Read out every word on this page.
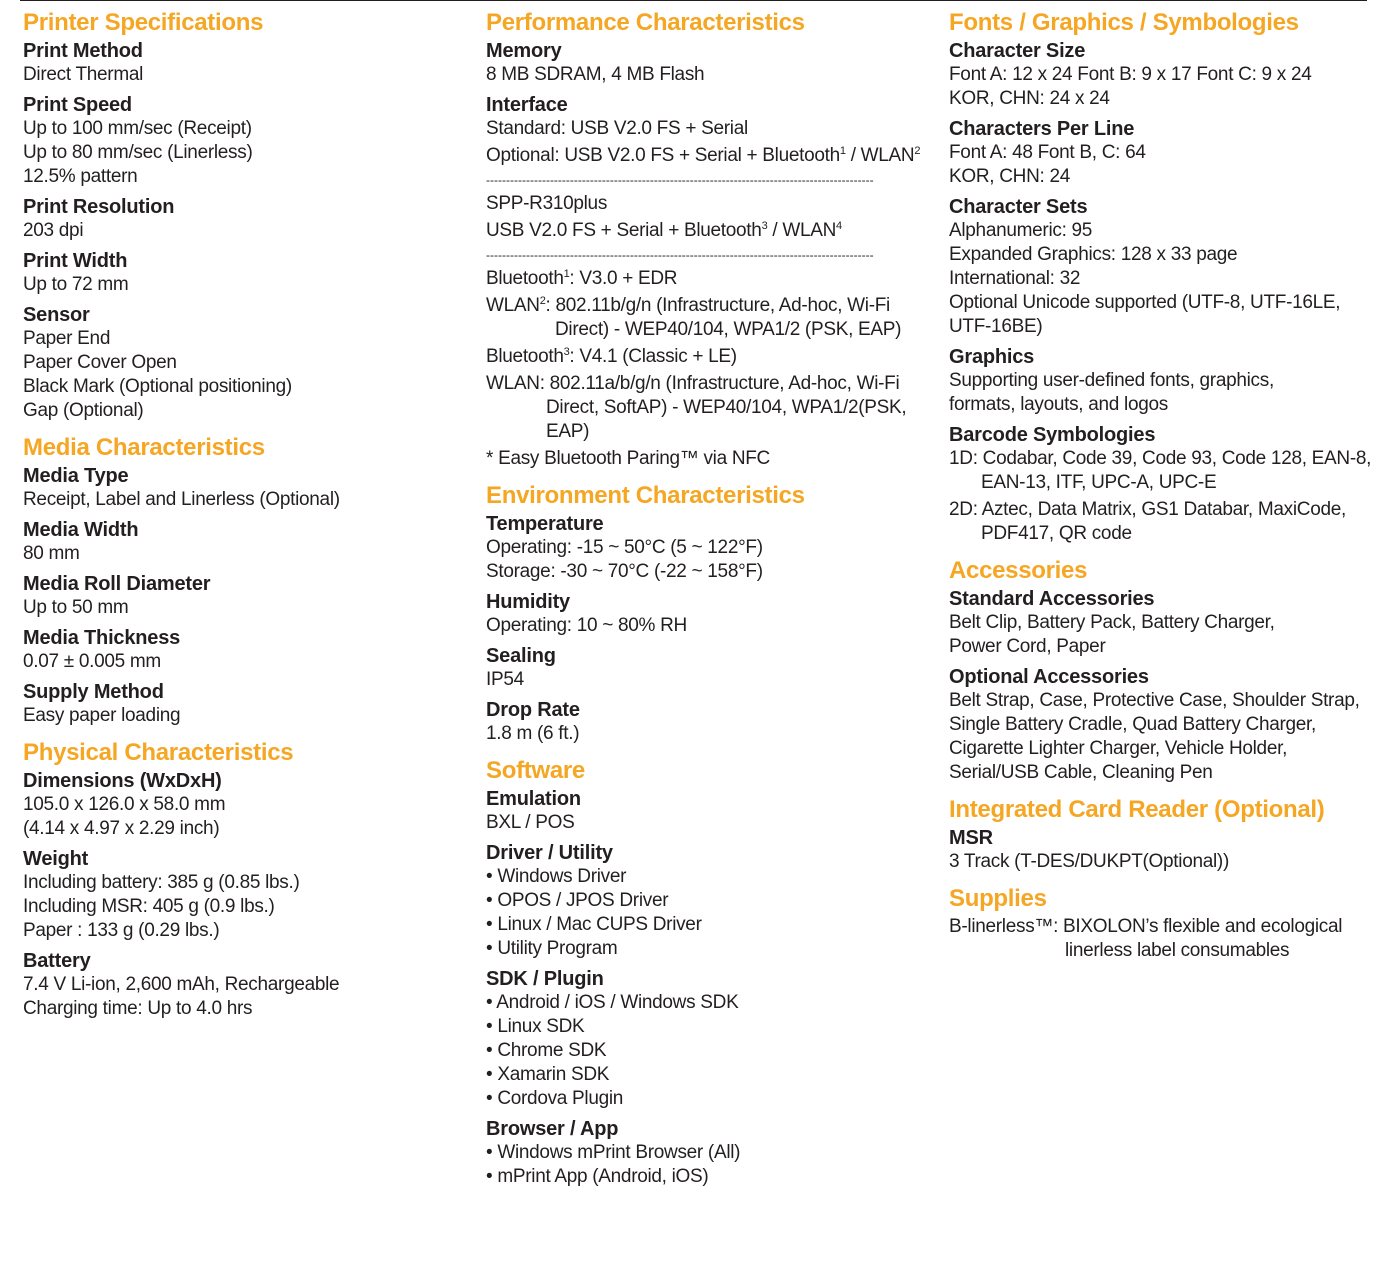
Printer Specifications
Print Method
Direct Thermal
Print Speed
Up to 100 mm/sec (Receipt)
Up to 80 mm/sec (Linerless)
12.5% pattern
Print Resolution
203 dpi
Print Width
Up to 72 mm
Sensor
Paper End
Paper Cover Open
Black Mark (Optional positioning)
Gap (Optional)
Media Characteristics
Media Type
Receipt, Label and Linerless (Optional)
Media Width
80 mm
Media Roll Diameter
Up to 50 mm
Media Thickness
0.07 ± 0.005 mm
Supply Method
Easy paper loading
Physical Characteristics
Dimensions (WxDxH)
105.0 x 126.0 x 58.0 mm
(4.14 x 4.97 x 2.29 inch)
Weight
Including battery: 385 g (0.85 lbs.)
Including MSR: 405 g (0.9 lbs.)
Paper : 133 g (0.29 lbs.)
Battery
7.4 V Li-ion, 2,600 mAh, Rechargeable
Charging time: Up to 4.0 hrs
Performance Characteristics
Memory
8 MB SDRAM, 4 MB Flash
Interface
Standard: USB V2.0 FS + Serial
Optional: USB V2.0 FS + Serial + Bluetooth$^1$ / WLAN$^2$
-------------------------------------------------------------------------------------------------
SPP-R310plus
USB V2.0 FS + Serial + Bluetooth$^3$ / WLAN$^4$
-------------------------------------------------------------------------------------------------
Bluetooth$^1$: V3.0 + EDR
WLAN$^2$: 802.11b/g/n (Infrastructure, Ad-hoc, Wi-Fi Direct) - WEP40/104, WPA1/2 (PSK, EAP)
Bluetooth$^3$: V4.1 (Classic + LE)
WLAN: 802.11a/b/g/n (Infrastructure, Ad-hoc, Wi-Fi Direct, SoftAP) - WEP40/104, WPA1/2(PSK, EAP)
* Easy Bluetooth Paring™ via NFC
Environment Characteristics
Temperature
Operating: -15 ~ 50°C (5 ~ 122°F)
Storage: -30 ~ 70°C (-22 ~ 158°F)
Humidity
Operating: 10 ~ 80% RH
Sealing
IP54
Drop Rate
1.8 m (6 ft.)
Software
Emulation
BXL / POS
Driver / Utility
• Windows Driver
• OPOS / JPOS Driver
• Linux / Mac CUPS Driver
• Utility Program
SDK / Plugin
• Android / iOS / Windows SDK
• Linux SDK
• Chrome SDK
• Xamarin SDK
• Cordova Plugin
Browser / App
• Windows mPrint Browser (All)
• mPrint App (Android, iOS)
Fonts / Graphics / Symbologies
Character Size
Font A: 12 x 24 Font B: 9 x 17 Font C: 9 x 24
KOR, CHN: 24 x 24
Characters Per Line
Font A: 48 Font B, C: 64
KOR, CHN: 24
Character Sets
Alphanumeric: 95
Expanded Graphics: 128 x 33 page
International: 32
Optional Unicode supported (UTF-8, UTF-16LE,
UTF-16BE)
Graphics
Supporting user-defined fonts, graphics,
formats, layouts, and logos
Barcode Symbologies
1D: Codabar, Code 39, Code 93, Code 128, EAN-8, EAN-13, ITF, UPC-A, UPC-E
2D: Aztec, Data Matrix, GS1 Databar, MaxiCode, PDF417, QR code
Accessories
Standard Accessories
Belt Clip, Battery Pack, Battery Charger,
Power Cord, Paper
Optional Accessories
Belt Strap, Case, Protective Case, Shoulder Strap,
Single Battery Cradle, Quad Battery Charger,
Cigarette Lighter Charger, Vehicle Holder,
Serial/USB Cable, Cleaning Pen
Integrated Card Reader (Optional)
MSR
3 Track (T-DES/DUKPT(Optional))
Supplies
B-linerless™: BIXOLON’s flexible and ecological linerless label consumables
